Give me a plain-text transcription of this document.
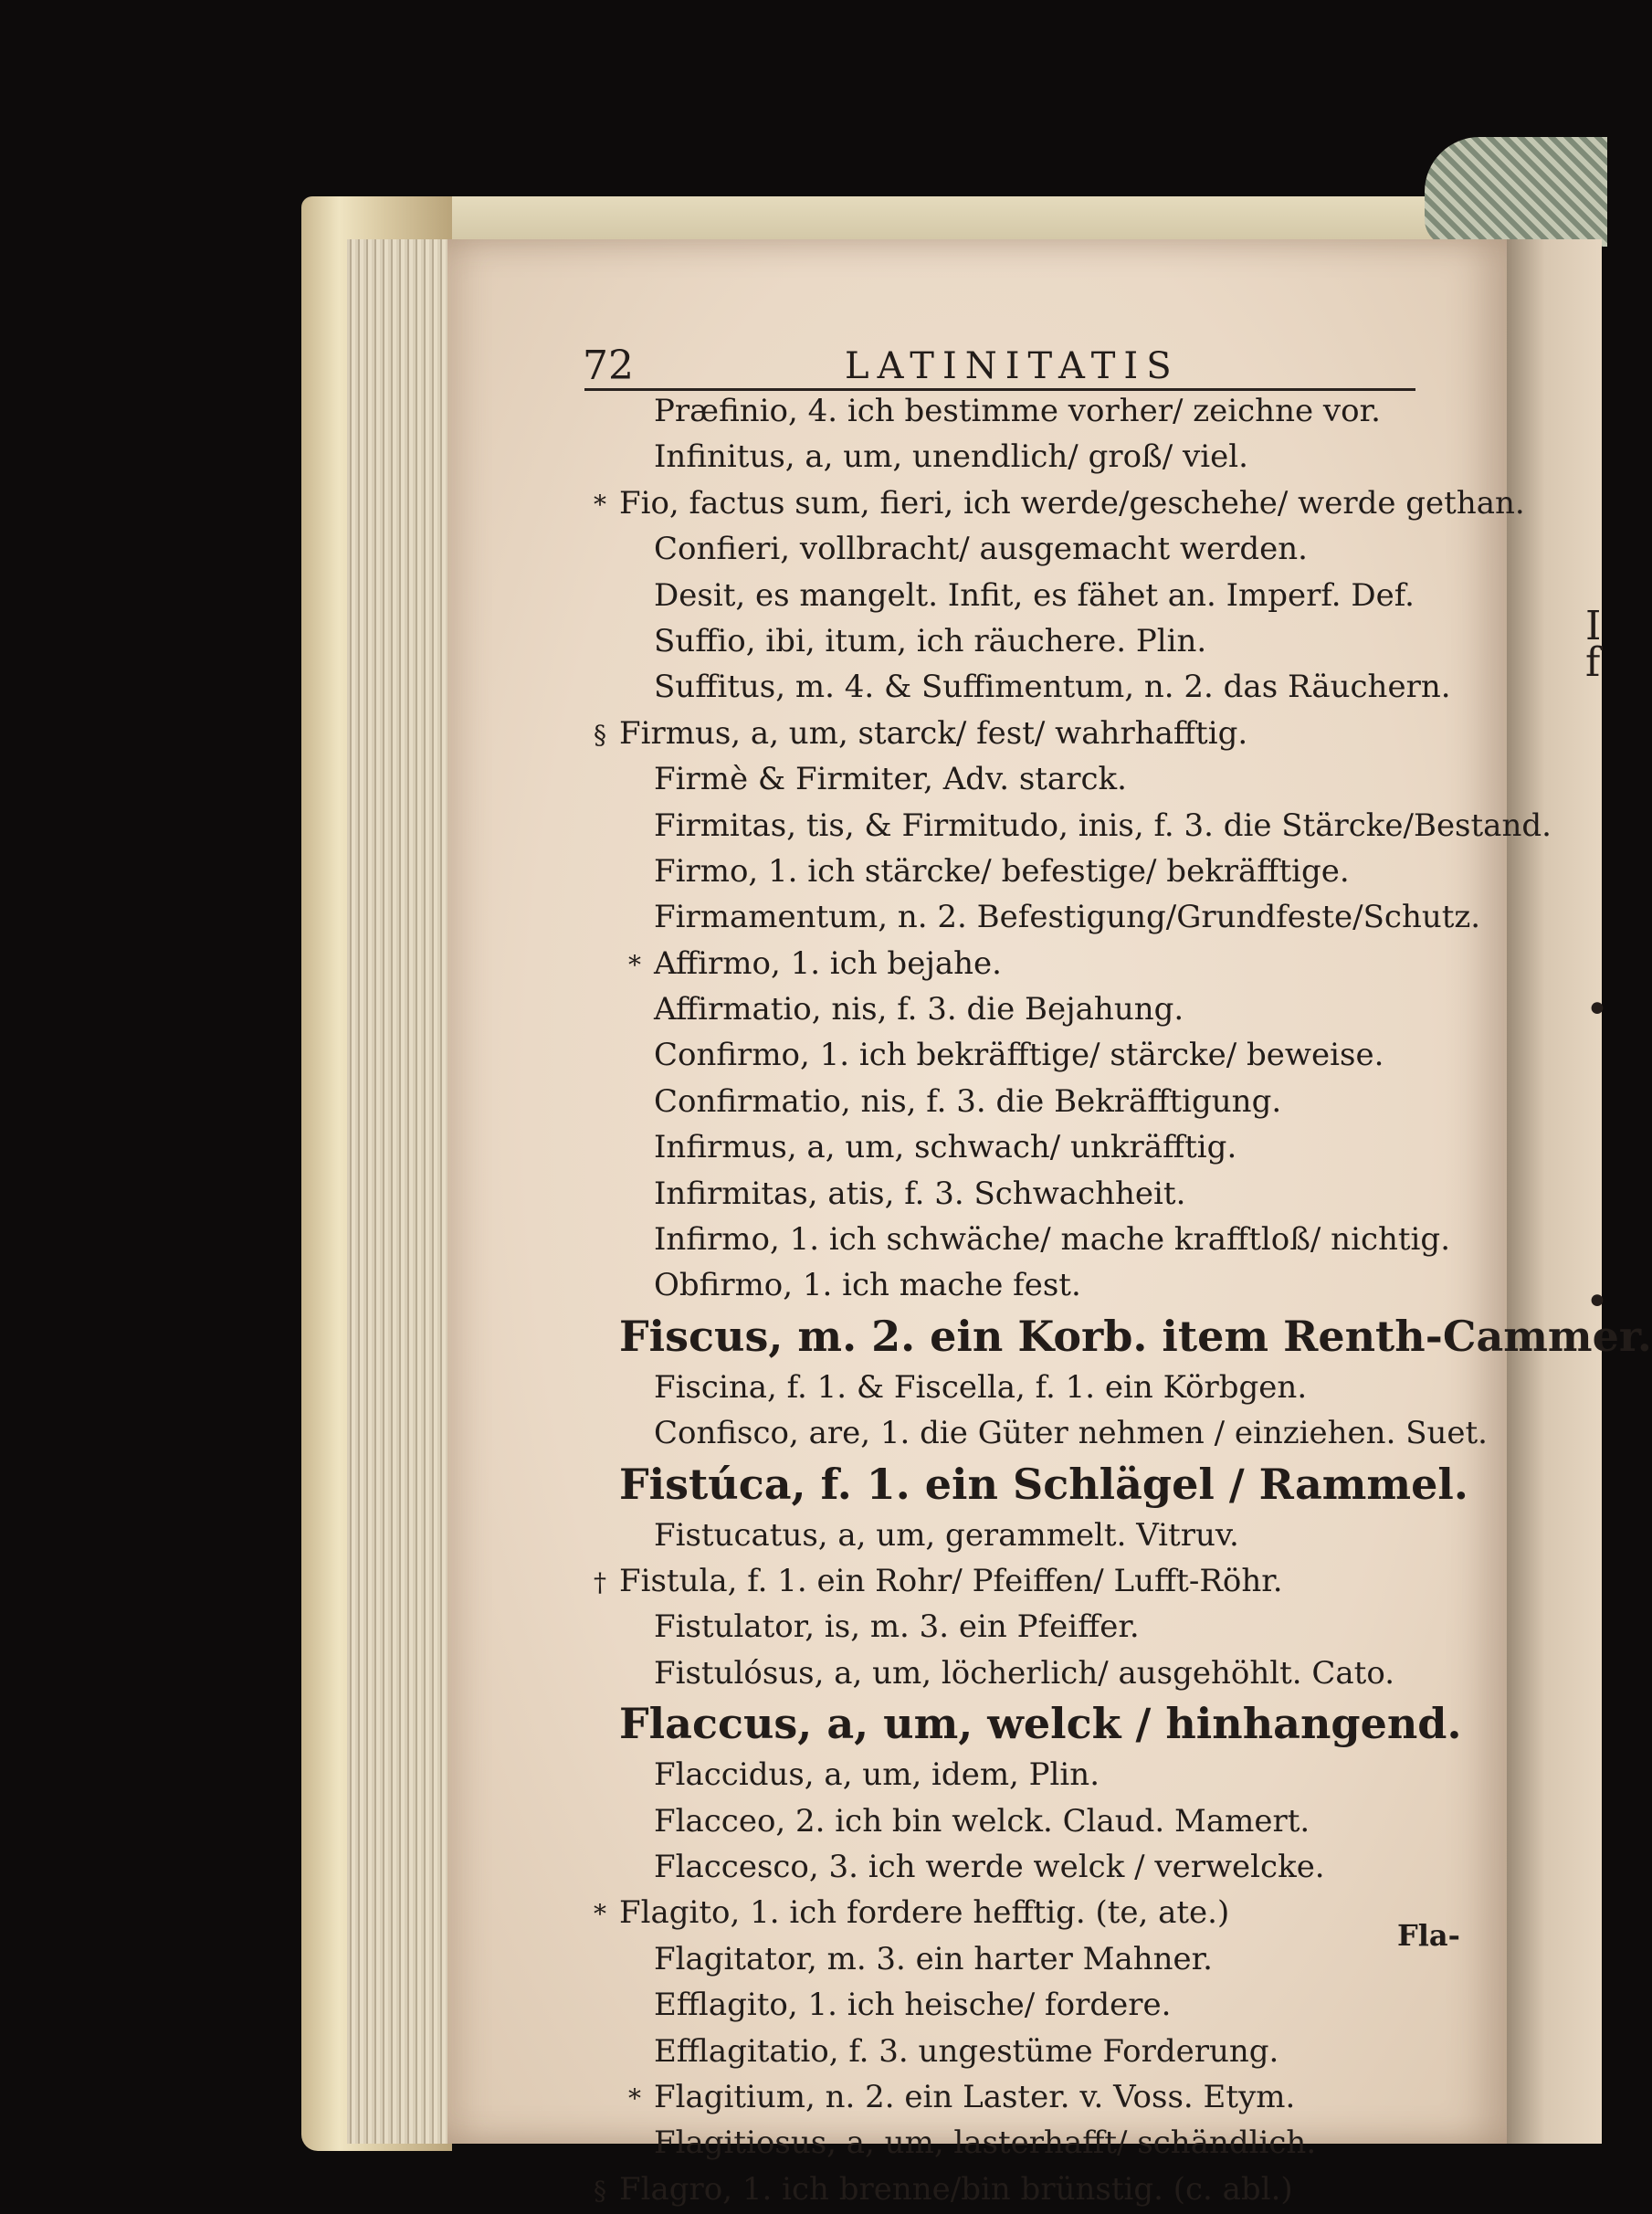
72	LATINITATIS
Præfinio, 4. ich bestimme vorher/ zeichne vor.
Infinitus, a, um, unendlich/ groß/ viel.
* Fio, factus sum, fieri, ich werde/geschehe/ werde gethan.
Confieri, vollbracht/ ausgemacht werden.
Desit, es mangelt. Infit, es fähet an. Imperf. Def.
Suffio, ibi, itum, ich räuchere. Plin.
Suffitus, m. 4. & Suffimentum, n. 2. das Räuchern.
§ Firmus, a, um, starck/ fest/ wahrhafftig.
Firmè & Firmiter, Adv. starck.
Firmitas, tis, & Firmitudo, inis, f. 3. die Stärcke/Bestand.
Firmo, 1. ich stärcke/ befestige/ bekräfftige.
Firmamentum, n. 2. Befestigung/Grundfeste/Schutz.
* Affirmo, 1. ich bejahe.
Affirmatio, nis, f. 3. die Bejahung.
Confirmo, 1. ich bekräfftige/ stärcke/ beweise.
Confirmatio, nis, f. 3. die Bekräfftigung.
Infirmus, a, um, schwach/ unkräfftig.
Infirmitas, atis, f. 3. Schwachheit.
Infirmo, 1. ich schwäche/ mache krafftloß/ nichtig.
Obfirmo, 1. ich mache fest.
Fiscus, m. 2. ein Korb. item Renth-Cammer.
Fiscina, f. 1. & Fiscella, f. 1. ein Körbgen.
Confisco, are, 1. die Güter nehmen / einziehen. Suet.
Fistúca, f. 1. ein Schlägel / Rammel.
Fistucatus, a, um, gerammelt. Vitruv.
† Fistula, f. 1. ein Rohr/ Pfeiffen/ Lufft-Röhr.
Fistulator, is, m. 3. ein Pfeiffer.
Fistulósus, a, um, löcherlich/ ausgehöhlt. Cato.
Flaccus, a, um, welck / hinhangend.
Flaccidus, a, um, idem, Plin.
Flacceo, 2. ich bin welck. Claud. Mamert.
Flaccesco, 3. ich werde welck / verwelcke.
* Flagito, 1. ich fordere hefftig. (te, ate.)
Flagitator, m. 3. ein harter Mahner.
Efflagito, 1. ich heische/ fordere.
Efflagitatio, f. 3. ungestüme Forderung.
* Flagitium, n. 2. ein Laster. v. Voss. Etym.
Flagitiosus, a, um, lasterhafft/ schändlich.
§ Flagro, 1. ich brenne/bin brünstig. (c. abl.)
I
f
•
•
Fla-
